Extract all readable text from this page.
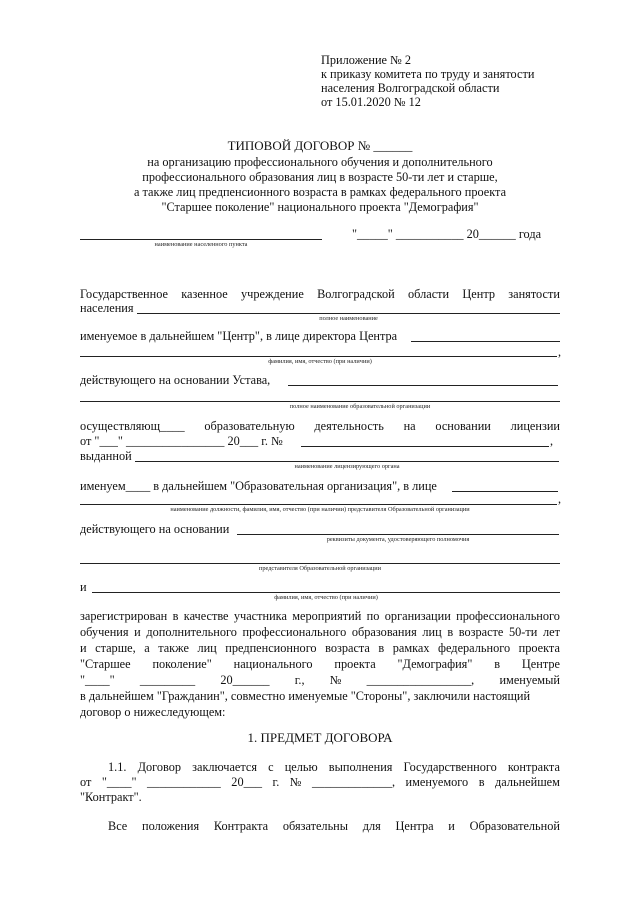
Приложение № 2
к приказу комитета по труду и занятости
населения Волгоградской области
от 15.01.2020 № 12
ТИПОВОЙ ДОГОВОР № ______
на организацию профессионального обучения и дополнительного
профессионального образования лиц в возрасте 50-ти лет и старше,
а также лиц предпенсионного возраста в рамках федерального проекта
"Старшее поколение" национального проекта "Демография"
наименование населенного пункта
"_____" ___________ 20______ года
Государственное казенное учреждение Волгоградской области Центр занятости
населения
полное наименование
именуемое в дальнейшем "Центр", в лице директора Центра
,
фамилия, имя, отчество (при наличии)
действующего на основании Устава,
полное наименование образовательной организации
осуществляющ____ образовательную деятельность на основании лицензии
от "___" ________________ 20___ г. №	,
выданной
наименование лицензирующего органа
именуем____ в дальнейшем "Образовательная организация", в лице
,
наименование должности, фамилия, имя, отчество (при наличии) представителя Образовательной организации
действующего на основании
реквизиты документа, удостоверяющего полномочия
представителя Образовательной организации
и
фамилия, имя, отчество (при наличии)
зарегистрирован в качестве участника мероприятий по организации профессионального
обучения и дополнительного профессионального образования лиц в возрасте 50-ти лет
и старше, а также лиц предпенсионного возраста в рамках федерального проекта
"Старшее поколение" национального проекта "Демография" в Центре
"____" _________ 20______ г., № _________________, именуемый
в дальнейшем "Гражданин", совместно именуемые "Стороны", заключили настоящий
договор о нижеследующем:
1. ПРЕДМЕТ ДОГОВОРА
1.1. Договор заключается с целью выполнения Государственного контракта
от "____" ____________ 20___ г. № _____________, именуемого в дальнейшем
"Контракт".
Все положения Контракта обязательны для Центра и Образовательной
